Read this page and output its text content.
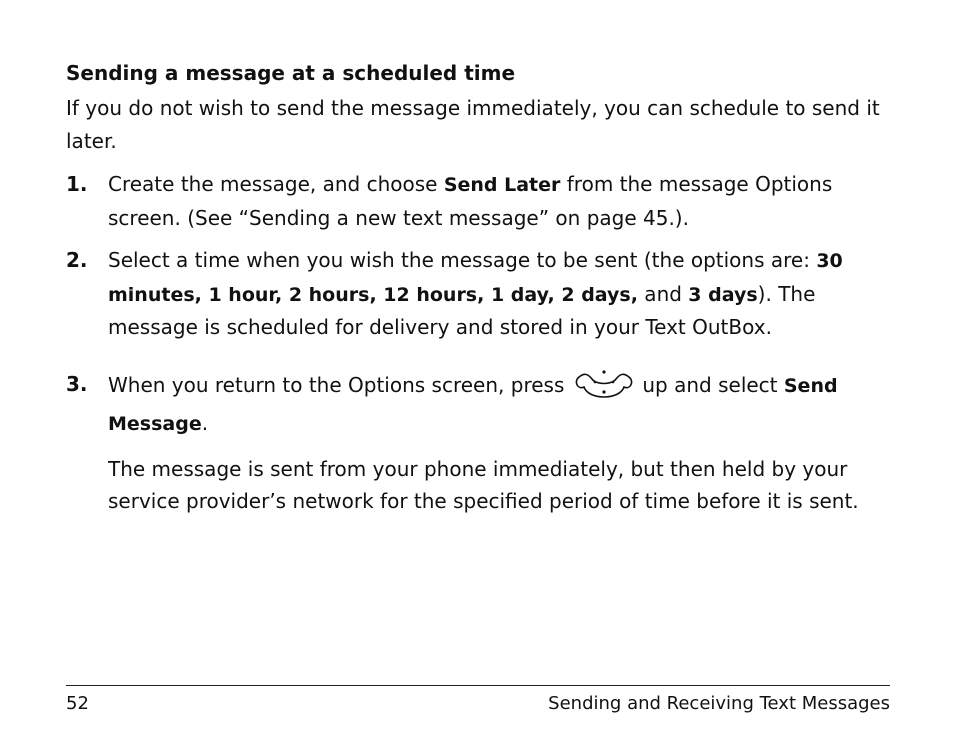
Sending a message at a scheduled time
If you do not wish to send the message immediately, you can schedule to send it later.
1. Create the message, and choose Send Later from the message Options screen. (See “Sending a new text message” on page 45.).
2. Select a time when you wish the message to be sent (the options are: 30 minutes, 1 hour, 2 hours, 12 hours, 1 day, 2 days, and 3 days). The message is scheduled for delivery and stored in your Text OutBox.
3. When you return to the Options screen, press	up and select Send Message.
The message is sent from your phone immediately, but then held by your service provider’s network for the specified period of time before it is sent.
52	Sending and Receiving Text Messages
